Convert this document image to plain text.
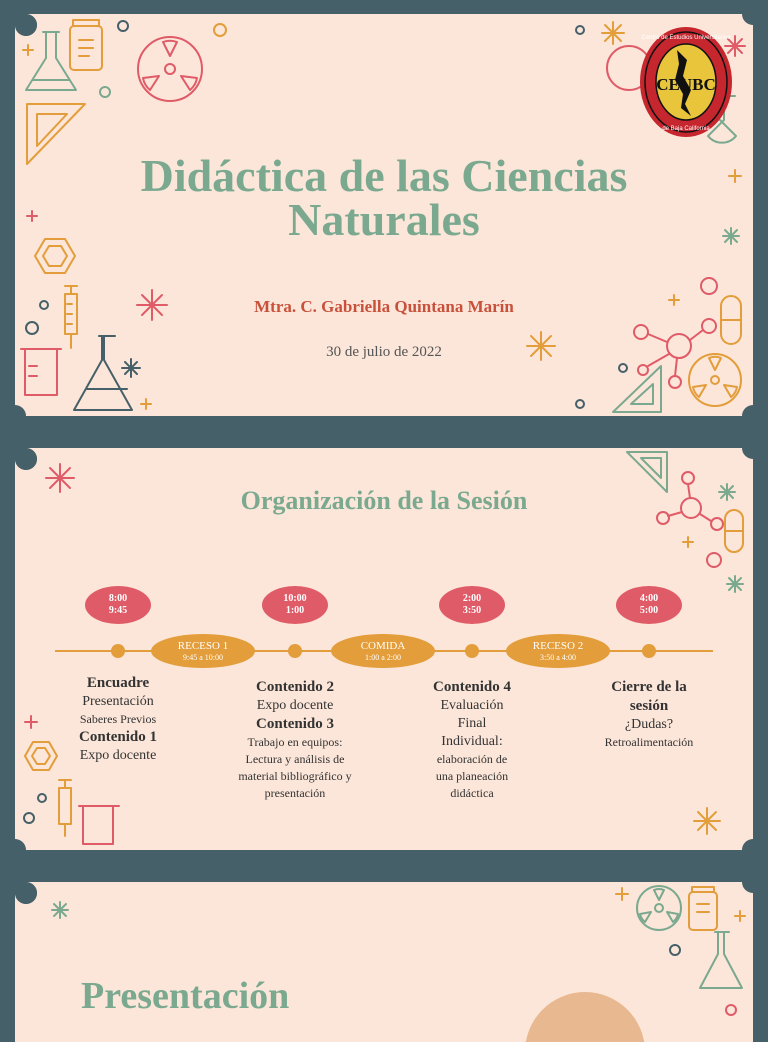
CEUBC
Centro de Estudios Universitarios
de Baja California
Didáctica de las Ciencias
Naturales
Mtra. C. Gabriella Quintana Marín
30 de julio de 2022
Organización de la Sesión
8:00
9:45
10:00
1:00
2:00
3:50
4:00
5:00
RECESO 1
9:45 a 10:00
COMIDA
1:00 a 2:00
RECESO 2
3:50 a 4:00
Encuadre
Presentación
Saberes Previos
Contenido 1
Expo docente
Contenido 2
Expo docente
Contenido 3
Trabajo en equipos:
Lectura y análisis de
material bibliográfico y
presentación
Contenido 4
Evaluación
Final
Individual:
elaboración de
una planeación
didáctica
Cierre de la
sesión
¿Dudas?
Retroalimentación
Presentación
